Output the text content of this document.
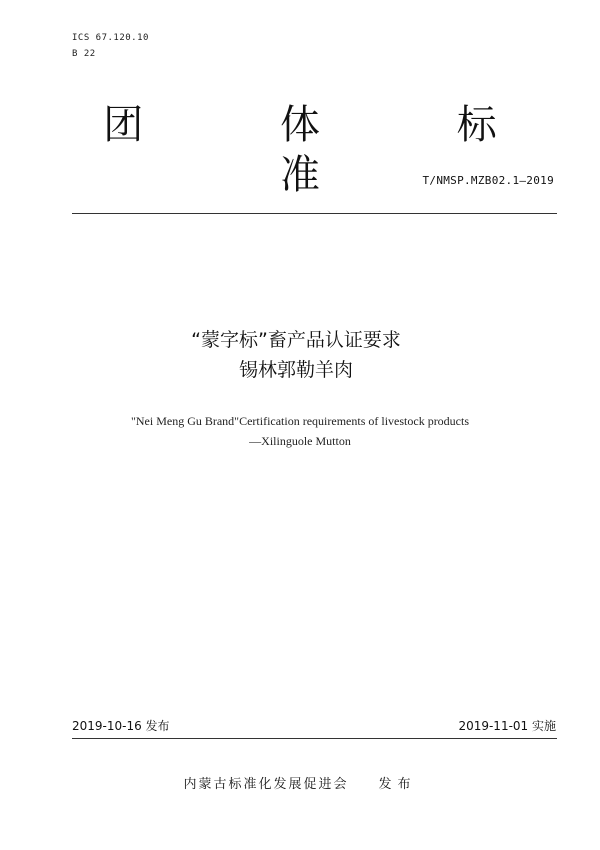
ICS 67.120.10
B 22
团 体 标 准	T/NMSP.MZB02.1—2019
“蒙字标”畜产品认证要求
锡林郭勒羊肉
"Nei Meng Gu Brand"Certification requirements of livestock products
—Xilinguole Mutton
2019-10-16 发布	2019-11-01 实施
内蒙古标准化发展促进会 发布
